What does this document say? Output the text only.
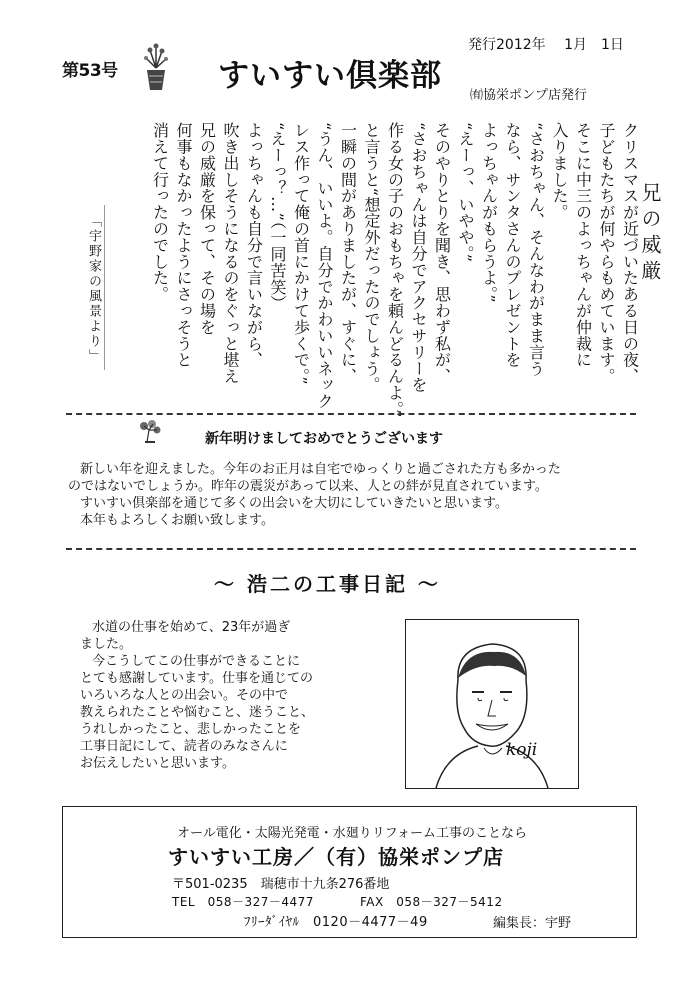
第53号	すいすい倶楽部
発行2012年　 1月　1日
㈲協栄ポンプ店発行
兄の威厳
クリスマスが近づいたある日の夜、
子どもたちが何やらもめています。
そこに中三のよっちゃんが仲裁に
入りました。
“さおちゃん、そんなわがまま言う
なら、サンタさんのプレゼントを
よっちゃんがもらうよ。”
“えーっ、いやや。”
そのやりとりを聞き、思わず私が、
“さおちゃんは自分でアクセサリーを
作る女の子のおもちゃを頼んどるんよ。”
と言うと“想定外だったのでしょう。
一瞬の間がありましたが、すぐに、
“うん、いいよ。自分でかわいいネック
レス作って俺の首にかけて歩くで。”
“えーっ？…”（一同苦笑）
よっちゃんも自分で言いながら、
吹き出しそうになるのをぐっと堪え
兄の威厳を保って、その場を
何事もなかったようにさっそうと
消えて行ったのでした。
「宇野家の風景より」
新年明けましておめでとうございます

新しい年を迎えました。今年のお正月は自宅でゆっくりと過ごされた方も多かった

のではないでしょうか。昨年の震災があって以来、人との絆が見直されています。

すいすい倶楽部を通じて多くの出会いを大切にしていきたいと思います。

本年もよろしくお願い致します。

～ 浩二の工事日記 ～

水道の仕事を始めて、23年が過ぎ

ました。

今こうしてこの仕事ができることに

とても感謝しています。仕事を通じての

いろいろな人との出会い。その中で

教えられたことや悩むこと、迷うこと、

うれしかったこと、悲しかったことを

工事日記にして、読者のみなさんに

お伝えしたいと思います。

koji
オール電化・太陽光発電・水廻りリフォーム工事のことなら
すいすい工房／（有）協栄ポンプ店
〒501-0235　瑞穂市十九条276番地
TEL　058－327－4477	FAX　058－327－5412
ﾌﾘｰﾀﾞｲﾔﾙ　0120－4477－49	編集長：宇野
